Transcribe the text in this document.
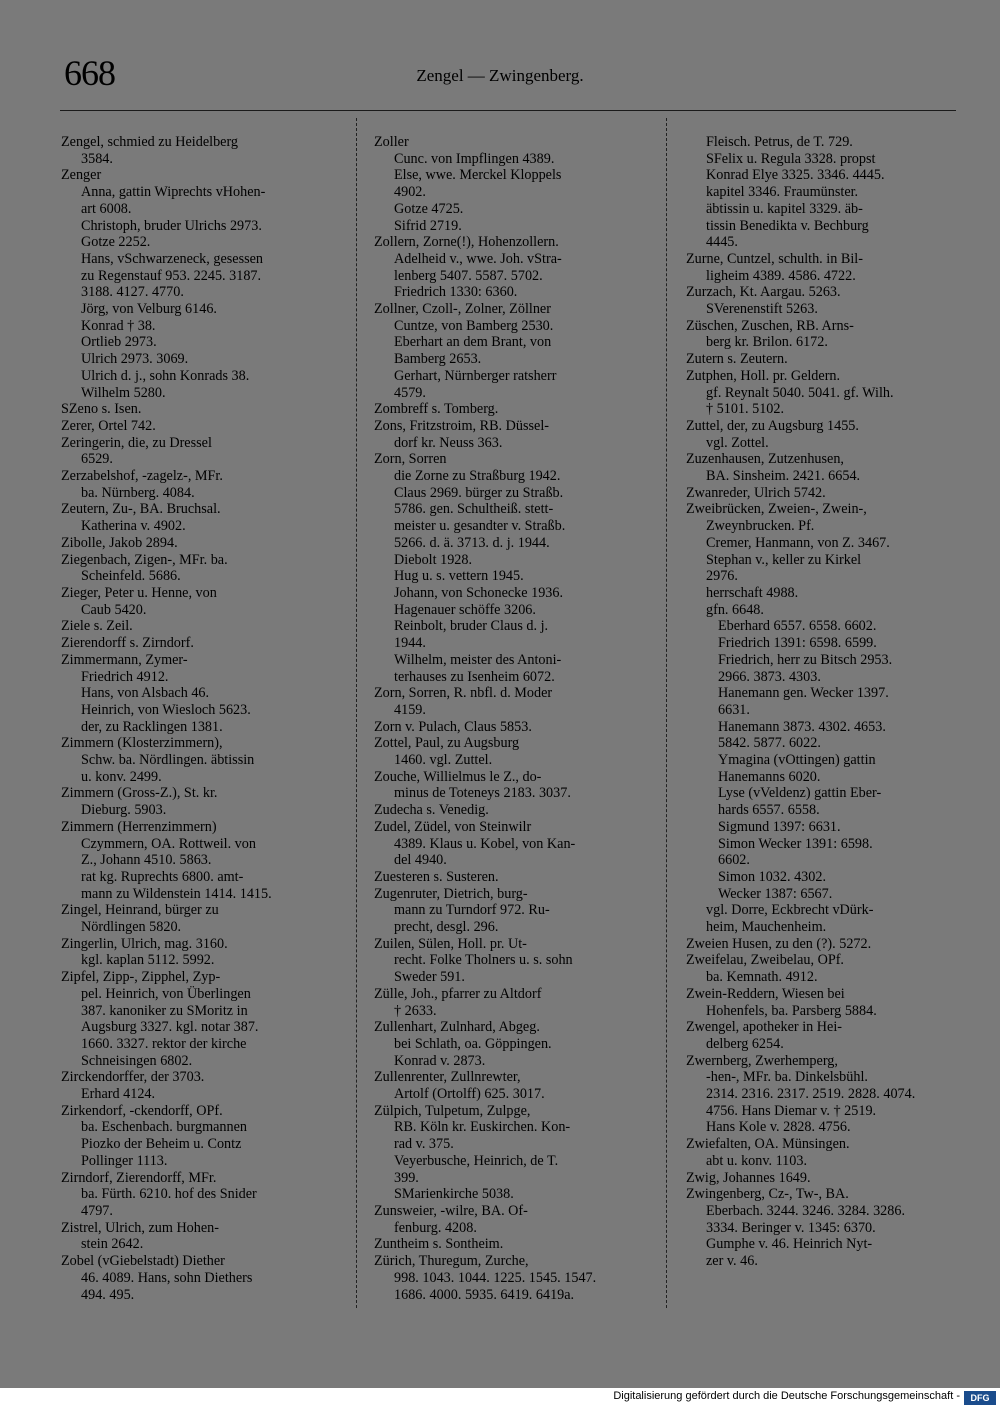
668	Zengel — Zwingenberg.
Zengel, schmied zu Heidelberg
3584.
Zenger
Anna, gattin Wiprechts vHohen-
art 6008.
Christoph, bruder Ulrichs 2973.
Gotze 2252.
Hans, vSchwarzeneck, gesessen
zu Regenstauf 953. 2245. 3187.
3188. 4127. 4770.
Jörg, von Velburg 6146.
Konrad † 38.
Ortlieb 2973.
Ulrich 2973. 3069.
Ulrich d. j., sohn Konrads 38.
Wilhelm 5280.
SZeno s. Isen.
Zerer, Ortel 742.
Zeringerin, die, zu Dressel
6529.
Zerzabelshof, -zagelz-, MFr.
ba. Nürnberg. 4084.
Zeutern, Zu-, BA. Bruchsal.
Katherina v. 4902.
Zibolle, Jakob 2894.
Ziegenbach, Zigen-, MFr. ba.
Scheinfeld. 5686.
Zieger, Peter u. Henne, von
Caub 5420.
Ziele s. Zeil.
Zierendorff s. Zirndorf.
Zimmermann, Zymer-
Friedrich 4912.
Hans, von Alsbach 46.
Heinrich, von Wiesloch 5623.
der, zu Racklingen 1381.
Zimmern (Klosterzimmern),
Schw. ba. Nördlingen. äbtissin
u. konv. 2499.
Zimmern (Gross-Z.), St. kr.
Dieburg. 5903.
Zimmern (Herrenzimmern)
Czymmern, OA. Rottweil. von
Z., Johann 4510. 5863.
rat kg. Ruprechts 6800. amt-
mann zu Wildenstein 1414. 1415.
Zingel, Heinrand, bürger zu
Nördlingen 5820.
Zingerlin, Ulrich, mag. 3160.
kgl. kaplan 5112. 5992.
Zipfel, Zipp-, Zipphel, Zyp-
pel. Heinrich, von Überlingen
387. kanoniker zu SMoritz in
Augsburg 3327. kgl. notar 387.
1660. 3327. rektor der kirche
Schneisingen 6802.
Zirckendorffer, der 3703.
Erhard 4124.
Zirkendorf, -ckendorff, OPf.
ba. Eschenbach. burgmannen
Piozko der Beheim u. Contz
Pollinger 1113.
Zirndorf, Zierendorff, MFr.
ba. Fürth. 6210. hof des Snider
4797.
Zistrel, Ulrich, zum Hohen-
stein 2642.
Zobel (vGiebelstadt) Diether
46. 4089. Hans, sohn Diethers
494. 495.
Zoller
Cunc. von Impflingen 4389.
Else, wwe. Merckel Kloppels
4902.
Gotze 4725.
Sifrid 2719.
Zollern, Zorne(!), Hohenzollern.
Adelheid v., wwe. Joh. vStra-
lenberg 5407. 5587. 5702.
Friedrich 1330: 6360.
Zollner, Czoll-, Zolner, Zöllner
Cuntze, von Bamberg 2530.
Eberhart an dem Brant, von
Bamberg 2653.
Gerhart, Nürnberger ratsherr
4579.
Zombreff s. Tomberg.
Zons, Fritzstroim, RB. Düssel-
dorf kr. Neuss 363.
Zorn, Sorren
die Zorne zu Straßburg 1942.
Claus 2969. bürger zu Straßb.
5786. gen. Schultheiß. stett-
meister u. gesandter v. Straßb.
5266. d. ä. 3713. d. j. 1944.
Diebolt 1928.
Hug u. s. vettern 1945.
Johann, von Schonecke 1936.
Hagenauer schöffe 3206.
Reinbolt, bruder Claus d. j.
1944.
Wilhelm, meister des Antoni-
terhauses zu Isenheim 6072.
Zorn, Sorren, R. nbfl. d. Moder
4159.
Zorn v. Pulach, Claus 5853.
Zottel, Paul, zu Augsburg
1460. vgl. Zuttel.
Zouche, Willielmus le Z., do-
minus de Toteneys 2183. 3037.
Zudecha s. Venedig.
Zudel, Züdel, von Steinwilr
4389. Klaus u. Kobel, von Kan-
del 4940.
Zuesteren s. Susteren.
Zugenruter, Dietrich, burg-
mann zu Turndorf 972. Ru-
precht, desgl. 296.
Zuilen, Sülen, Holl. pr. Ut-
recht. Folke Tholners u. s. sohn
Sweder 591.
Zülle, Joh., pfarrer zu Altdorf
† 2633.
Zullenhart, Zulnhard, Abgeg.
bei Schlath, oa. Göppingen.
Konrad v. 2873.
Zullenrenter, Zullnrewter,
Artolf (Ortolff) 625. 3017.
Zülpich, Tulpetum, Zulpge,
RB. Köln kr. Euskirchen. Kon-
rad v. 375.
Veyerbusche, Heinrich, de T.
399.
SMarienkirche 5038.
Zunsweier, -wilre, BA. Of-
fenburg. 4208.
Zuntheim s. Sontheim.
Zürich, Thuregum, Zurche,
998. 1043. 1044. 1225. 1545. 1547.
1686. 4000. 5935. 6419. 6419a.
Fleisch. Petrus, de T. 729.
SFelix u. Regula 3328. propst
Konrad Elye 3325. 3346. 4445.
kapitel 3346. Fraumünster.
äbtissin u. kapitel 3329. äb-
tissin Benedikta v. Bechburg
4445.
Zurne, Cuntzel, schulth. in Bil-
ligheim 4389. 4586. 4722.
Zurzach, Kt. Aargau. 5263.
SVerenenstift 5263.
Züschen, Zuschen, RB. Arns-
berg kr. Brilon. 6172.
Zutern s. Zeutern.
Zutphen, Holl. pr. Geldern.
gf. Reynalt 5040. 5041. gf. Wilh.
† 5101. 5102.
Zuttel, der, zu Augsburg 1455.
vgl. Zottel.
Zuzenhausen, Zutzenhusen,
BA. Sinsheim. 2421. 6654.
Zwanreder, Ulrich 5742.
Zweibrücken, Zweien-, Zwein-,
Zweynbrucken. Pf.
Cremer, Hanmann, von Z. 3467.
Stephan v., keller zu Kirkel
2976.
herrschaft 4988.
gfn. 6648.
Eberhard 6557. 6558. 6602.
Friedrich 1391: 6598. 6599.
Friedrich, herr zu Bitsch 2953.
2966. 3873. 4303.
Hanemann gen. Wecker 1397.
6631.
Hanemann 3873. 4302. 4653.
5842. 5877. 6022.
Ymagina (vOttingen) gattin
Hanemanns 6020.
Lyse (vVeldenz) gattin Eber-
hards 6557. 6558.
Sigmund 1397: 6631.
Simon Wecker 1391: 6598.
6602.
Simon 1032. 4302.
Wecker 1387: 6567.
vgl. Dorre, Eckbrecht vDürk-
heim, Mauchenheim.
Zweien Husen, zu den (?). 5272.
Zweifelau, Zweibelau, OPf.
ba. Kemnath. 4912.
Zwein-Reddern, Wiesen bei
Hohenfels, ba. Parsberg 5884.
Zwengel, apotheker in Hei-
delberg 6254.
Zwernberg, Zwerhemperg,
-hen-, MFr. ba. Dinkelsbühl.
2314. 2316. 2317. 2519. 2828. 4074.
4756. Hans Diemar v. † 2519.
Hans Kole v. 2828. 4756.
Zwiefalten, OA. Münsingen.
abt u. konv. 1103.
Zwig, Johannes 1649.
Zwingenberg, Cz-, Tw-, BA.
Eberbach. 3244. 3246. 3284. 3286.
3334. Beringer v. 1345: 6370.
Gumphe v. 46. Heinrich Nyt-
zer v. 46.
Digitalisierung gefördert durch die Deutsche Forschungsgemeinschaft -	DFG
